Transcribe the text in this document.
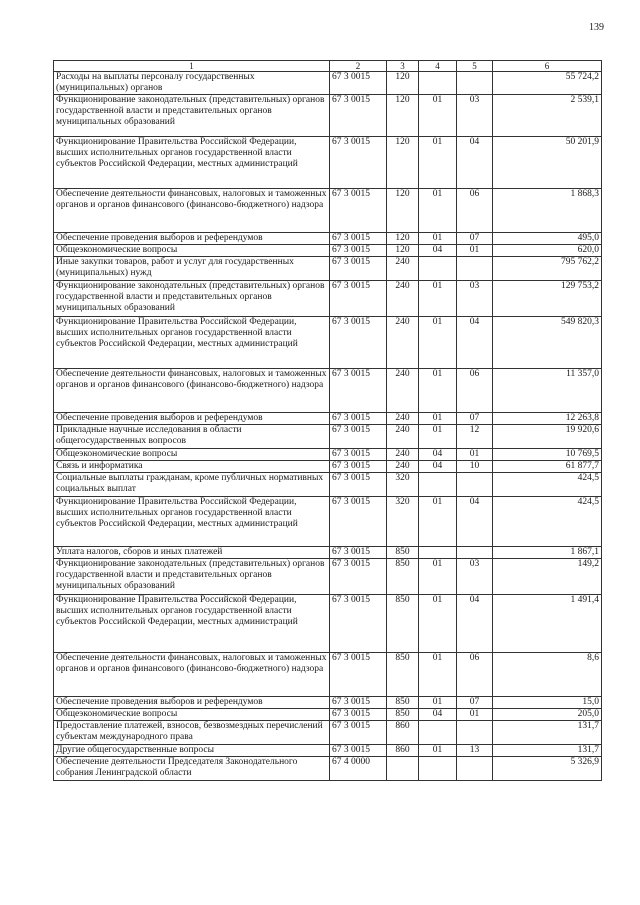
139
1	2	3	4	5	6
Расходы на выплаты персоналу государственных (муниципальных) органов	67 3 0015	120			55 724,2
Функционирование законодательных (представительных) органов государственной власти и представительных органов муниципальных образований	67 3 0015	120	01	03	2 539,1
Функционирование Правительства Российской Федерации, высших исполнительных органов государственной власти субъектов Российской Федерации, местных администраций	67 3 0015	120	01	04	50 201,9
Обеспечение деятельности финансовых, налоговых и таможенных органов и органов финансового (финансово-бюджетного) надзора	67 3 0015	120	01	06	1 868,3
Обеспечение проведения выборов и референдумов	67 3 0015	120	01	07	495,0
Общеэкономические вопросы	67 3 0015	120	04	01	620,0
Иные закупки товаров, работ и услуг для государственных (муниципальных) нужд	67 3 0015	240			795 762,2
Функционирование законодательных (представительных) органов государственной власти и представительных органов муниципальных образований	67 3 0015	240	01	03	129 753,2
Функционирование Правительства Российской Федерации, высших исполнительных органов государственной власти субъектов Российской Федерации, местных администраций	67 3 0015	240	01	04	549 820,3
Обеспечение деятельности финансовых, налоговых и таможенных органов и органов финансового (финансово-бюджетного) надзора	67 3 0015	240	01	06	11 357,0
Обеспечение проведения выборов и референдумов	67 3 0015	240	01	07	12 263,8
Прикладные научные исследования в области общегосударственных вопросов	67 3 0015	240	01	12	19 920,6
Общеэкономические вопросы	67 3 0015	240	04	01	10 769,5
Связь и информатика	67 3 0015	240	04	10	61 877,7
Социальные выплаты гражданам, кроме публичных нормативных социальных выплат	67 3 0015	320			424,5
Функционирование Правительства Российской Федерации, высших исполнительных органов государственной власти субъектов Российской Федерации, местных администраций	67 3 0015	320	01	04	424,5
Уплата налогов, сборов и иных платежей	67 3 0015	850			1 867,1
Функционирование законодательных (представительных) органов государственной власти и представительных органов муниципальных образований	67 3 0015	850	01	03	149,2
Функционирование Правительства Российской Федерации, высших исполнительных органов государственной власти субъектов Российской Федерации, местных администраций	67 3 0015	850	01	04	1 491,4
Обеспечение деятельности финансовых, налоговых и таможенных органов и органов финансового (финансово-бюджетного) надзора	67 3 0015	850	01	06	8,6
Обеспечение проведения выборов и референдумов	67 3 0015	850	01	07	15,0
Общеэкономические вопросы	67 3 0015	850	04	01	205,0
Предоставление платежей, взносов, безвозмездных перечислений субъектам международного права	67 3 0015	860			131,7
Другие общегосударственные вопросы	67 3 0015	860	01	13	131,7
Обеспечение деятельности Председателя Законодательного собрания Ленинградской области	67 4 0000				5 326,9
